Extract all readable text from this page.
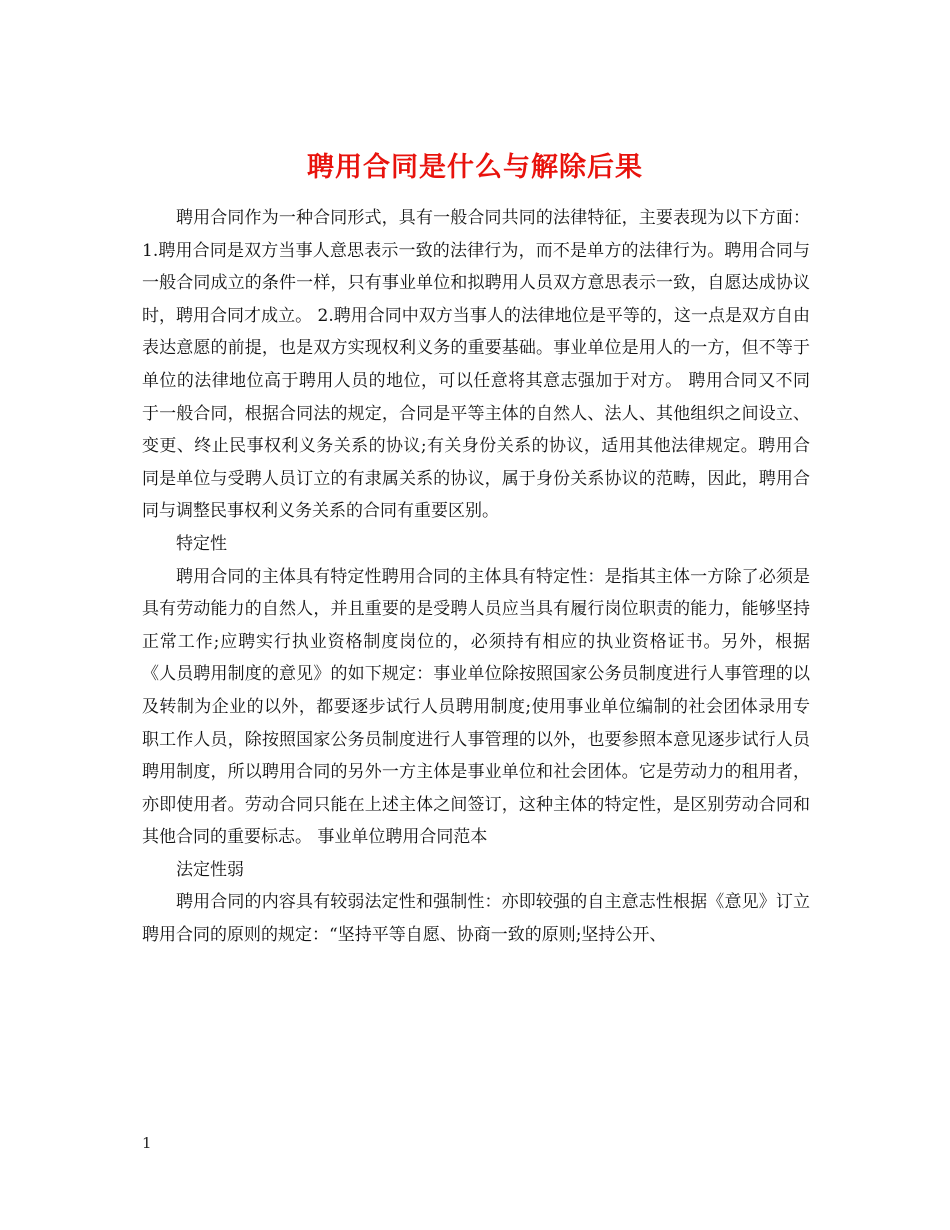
聘用合同是什么与解除后果

聘用合同作为一种合同形式，具有一般合同共同的法律特征，主要表现为以下方面： 1.聘用合同是双方当事人意思表示一致的法律行为，而不是单方的法律行为。聘用合同与一般合同成立的条件一样，只有事业单位和拟聘用人员双方意思表示一致，自愿达成协议时，聘用合同才成立。 2.聘用合同中双方当事人的法律地位是平等的，这一点是双方自由 表达意愿的前提，也是双方实现权利义务的重要基础。事业单位是用人的一方，但不等于单位的法律地位高于聘用人员的地位，可以任意将其意志强加于对方。 聘用合同又不同于一般合同，根据合同法的规定，合同是平等主体的自然人、法人、其他组织之间设立、变更、终止民事权利义务关系的协议;有关身份关系的协议，适用其他法律规定。聘用合同是单位与受聘人员订立的有隶属关系的协议，属于身份关系协议的范畴，因此，聘用合同与调整民事权利义务关系的合同有重要区别。

特定性

聘用合同的主体具有特定性聘用合同的主体具有特定性：是指其主体一方除了必须是具有劳动能力的自然人，并且重要的是受聘人员应当具有履行岗位职责的能力，能够坚持正常工作;应聘实行执业资格制度岗位的，必须持有相应的执业资格证书。另外，根据《人员聘用制度的意见》的如下规定：事业单位除按照国家公务员制度进行人事管理的以及转制为企业的以外，都要逐步试行人员聘用制度;使用事业单位编制的社会团体录用专职工作人员，除按照国家公务员制度进行人事管理的以外，也要参照本意见逐步试行人员聘用制度，所以聘用合同的另外一方主体是事业单位和社会团体。它是劳动力的租用者，亦即使用者。劳动合同只能在上述主体之间签订，这种主体的特定性，是区别劳动合同和其他合同的重要标志。 事业单位聘用合同范本

法定性弱

聘用合同的内容具有较弱法定性和强制性：亦即较强的自主意志性根据《意见》订立聘用合同的原则的规定：“坚持平等自愿、协商一致的原则;坚持公开、

1
